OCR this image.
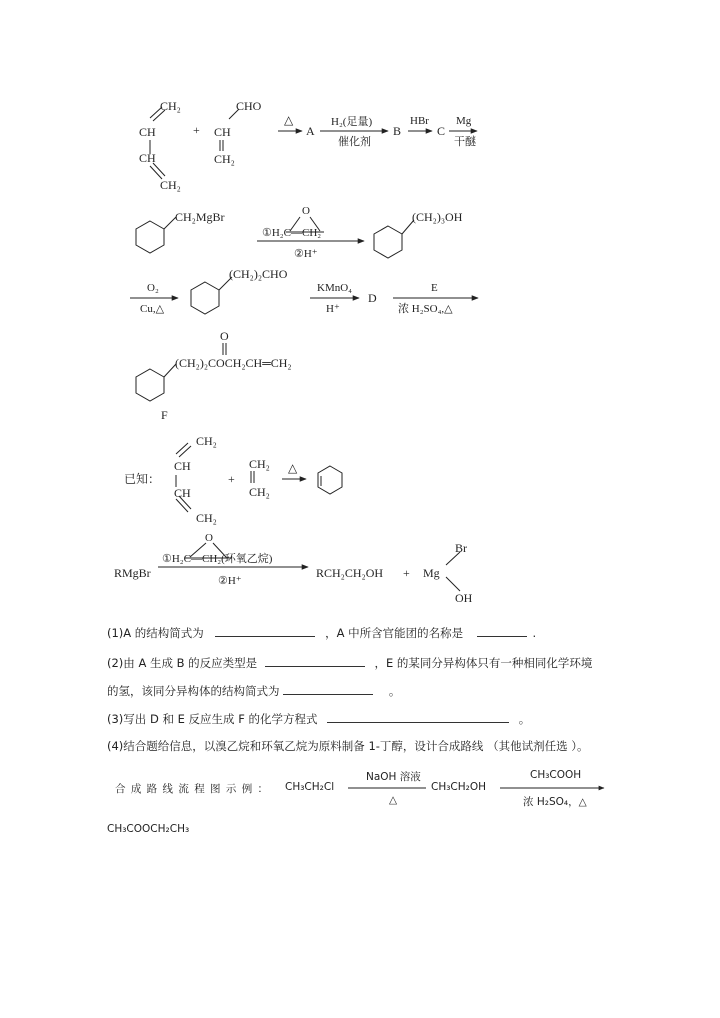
CH₂
CH
CH
CH₂
+
CHO
CH
CH₂
△
A
H₂(足量)
催化剂
B
HBr
C
Mg
干醚
CH₂MgBr	O
①H₂C—CH₂
②H⁺
(CH₂)₃OH
O₂
Cu,△
(CH₂)₂CHO
KMnO₄
H⁺
D
E
浓 H₂SO₄,△
O
(CH₂)₂COCH₂CH═CH₂
F
CH₂
已知：
CH
CH
CH₂
+
CH₂
CH₂
△
RMgBr
O
①H₂C—CH₂(环氧乙烷)
②H⁺
RCH₂CH₂OH + Mg
Br
OH
(1)A 的结构简式为	，A 中所含官能团的名称是	.
(2)由 A 生成 B 的反应类型是	，E 的某同分异构体只有一种相同化学环境
的氢，该同分异构体的结构简式为	。
(3)写出 D 和 E 反应生成 F 的化学方程式	。
(4)结合题给信息，以溴乙烷和环氧乙烷为原料制备 1-丁醇，设计合成路线 （其他试剂任选 ）。
合 成 路 线 流 程 图 示 例 ： CH₃CH₂Cl
NaOH 溶液
△
CH₃CH₂OH
CH₃COOH
浓 H₂SO₄，△
CH₃COOCH₂CH₃
